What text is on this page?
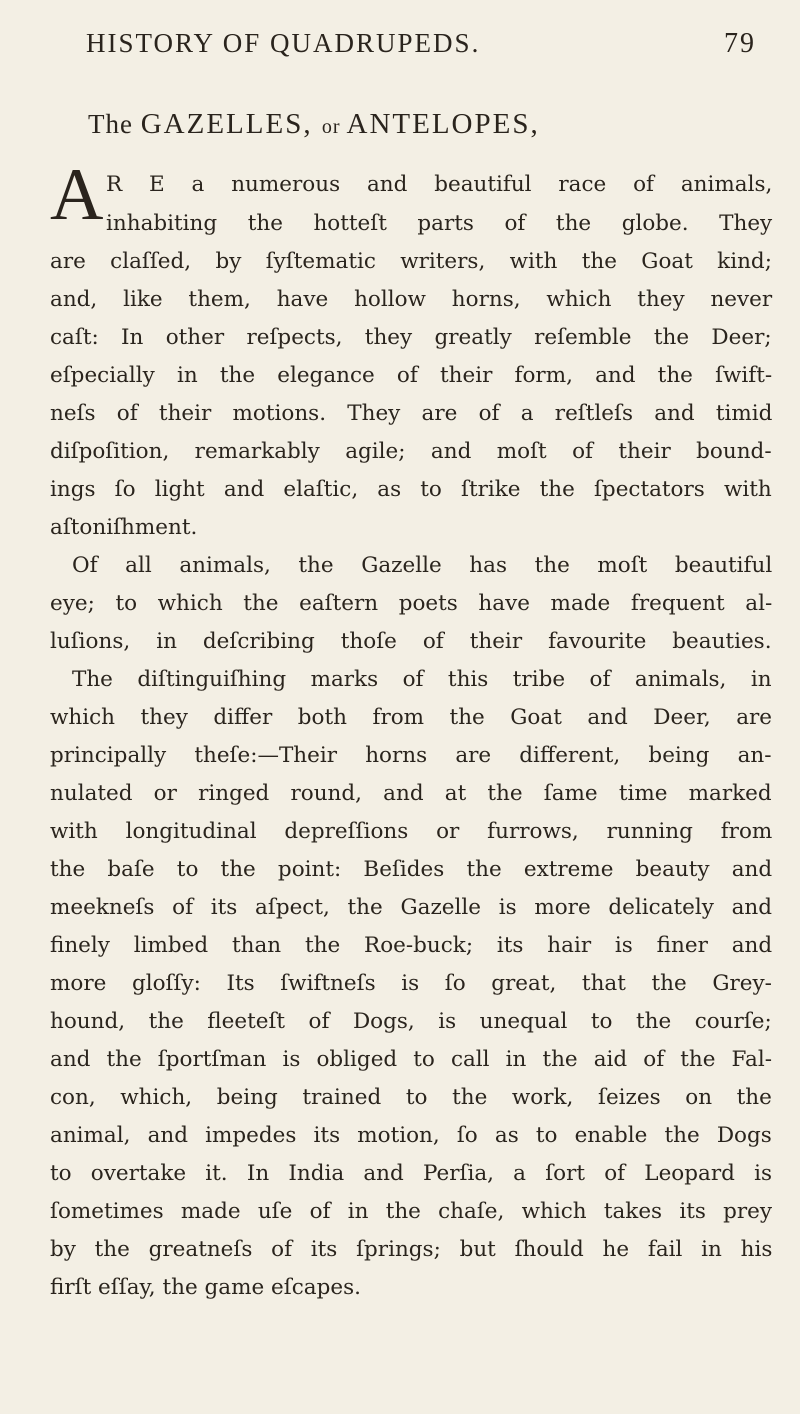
HISTORY OF QUADRUPEDS.	79
The GAZELLES, or ANTELOPES,
A R E a numerous and beautiful race of animals,
inhabiting the hotteſt parts of the globe. They
are claſſed, by ſyſtematic writers, with the Goat kind;
and, like them, have hollow horns, which they never
caſt: In other reſpects, they greatly reſemble the Deer;
eſpecially in the elegance of their form, and the ſwift-
neſs of their motions. They are of a reſtleſs and timid
diſpoſition, remarkably agile; and moſt of their bound-
ings ſo light and elaſtic, as to ſtrike the ſpectators with
aſtoniſhment.
Of all animals, the Gazelle has the moſt beautiful
eye; to which the eaſtern poets have made frequent al-
luſions, in deſcribing thoſe of their favourite beauties.
The diſtinguiſhing marks of this tribe of animals, in
which they differ both from the Goat and Deer, are
principally theſe:—Their horns are different, being an-
nulated or ringed round, and at the ſame time marked
with longitudinal depreſſions or furrows, running from
the baſe to the point: Beſides the extreme beauty and
meekneſs of its aſpect, the Gazelle is more delicately and
finely limbed than the Roe-buck; its hair is finer and
more gloſſy: Its ſwiftneſs is ſo great, that the Grey-
hound, the fleeteſt of Dogs, is unequal to the courſe;
and the ſportſman is obliged to call in the aid of the Fal-
con, which, being trained to the work, ſeizes on the
animal, and impedes its motion, ſo as to enable the Dogs
to overtake it. In India and Perſia, a ſort of Leopard is
ſometimes made uſe of in the chaſe, which takes its prey
by the greatneſs of its ſprings; but ſhould he fail in his
firſt eſſay, the game eſcapes.
